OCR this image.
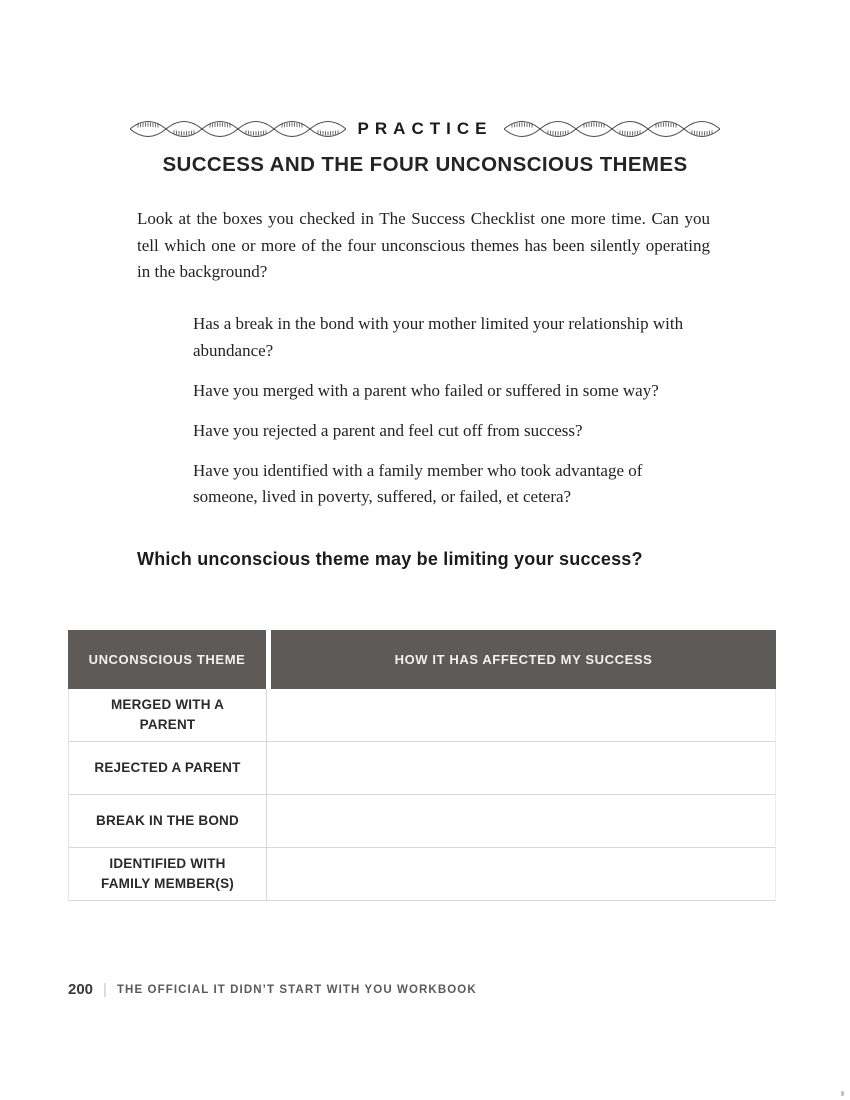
PRACTICE
SUCCESS AND THE FOUR UNCONSCIOUS THEMES

Look at the boxes you checked in The Success Checklist one more time. Can you tell which one or more of the four unconscious themes has been silently operating in the background?

Has a break in the bond with your mother limited your relationship with abundance?

Have you merged with a parent who failed or suffered in some way?

Have you rejected a parent and feel cut off from success?

Have you identified with a family member who took advantage of someone, lived in poverty, suffered, or failed, et cetera?

Which unconscious theme may be limiting your success?
UNCONSCIOUS THEME	HOW IT HAS AFFECTED MY SUCCESS
MERGED WITH A PARENT
REJECTED A PARENT
BREAK IN THE BOND
IDENTIFIED WITH FAMILY MEMBER(S)
200 | THE OFFICIAL IT DIDN’T START WITH YOU WORKBOOK
